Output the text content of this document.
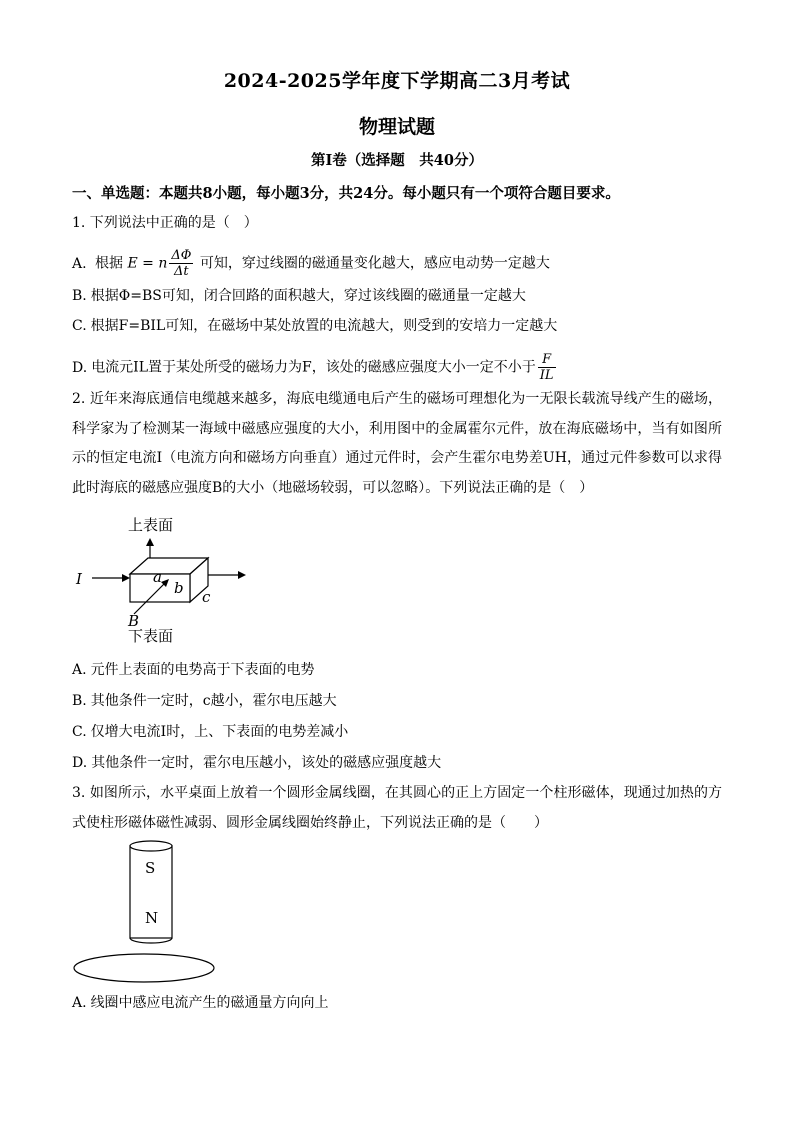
2024-2025学年度下学期高二3月考试
物理试题
第I卷（选择题　共40分）
一、单选题：本题共8小题，每小题3分，共24分。每小题只有一个项符合题目要求。
1. 下列说法中正确的是（　）
A. 根据 E = n $\frac{\Delta\Phi}{\Delta t}$ 可知，穿过线圈的磁通量变化越大，感应电动势一定越大
B. 根据Φ=BS可知，闭合回路的面积越大，穿过该线圈的磁通量一定越大
C. 根据F=BIL可知，在磁场中某处放置的电流越大，则受到的安培力一定越大
D. 电流元IL置于某处所受的磁场力为F，该处的磁感应强度大小一定不小于 $\frac{F}{IL}$
2. 近年来海底通信电缆越来越多，海底电缆通电后产生的磁场可理想化为一无限长载流导线产生的磁场，科学家为了检测某一海域中磁感应强度的大小，利用图中的金属霍尔元件，放在海底磁场中，当有如图所示的恒定电流I（电流方向和磁场方向垂直）通过元件时，会产生霍尔电势差UH，通过元件参数可以求得此时海底的磁感应强度B的大小（地磁场较弱，可以忽略）。下列说法正确的是（　）
上表面
下表面
I
B
a
b c
A. 元件上表面的电势高于下表面的电势
B. 其他条件一定时，c越小，霍尔电压越大
C. 仅增大电流I时，上、下表面的电势差减小
D. 其他条件一定时，霍尔电压越小，该处的磁感应强度越大
3. 如图所示，水平桌面上放着一个圆形金属线圈，在其圆心的正上方固定一个柱形磁体，现通过加热的方式使柱形磁体磁性减弱、圆形金属线圈始终静止，下列说法正确的是（　　）
S
N
A. 线圈中感应电流产生的磁通量方向向上
